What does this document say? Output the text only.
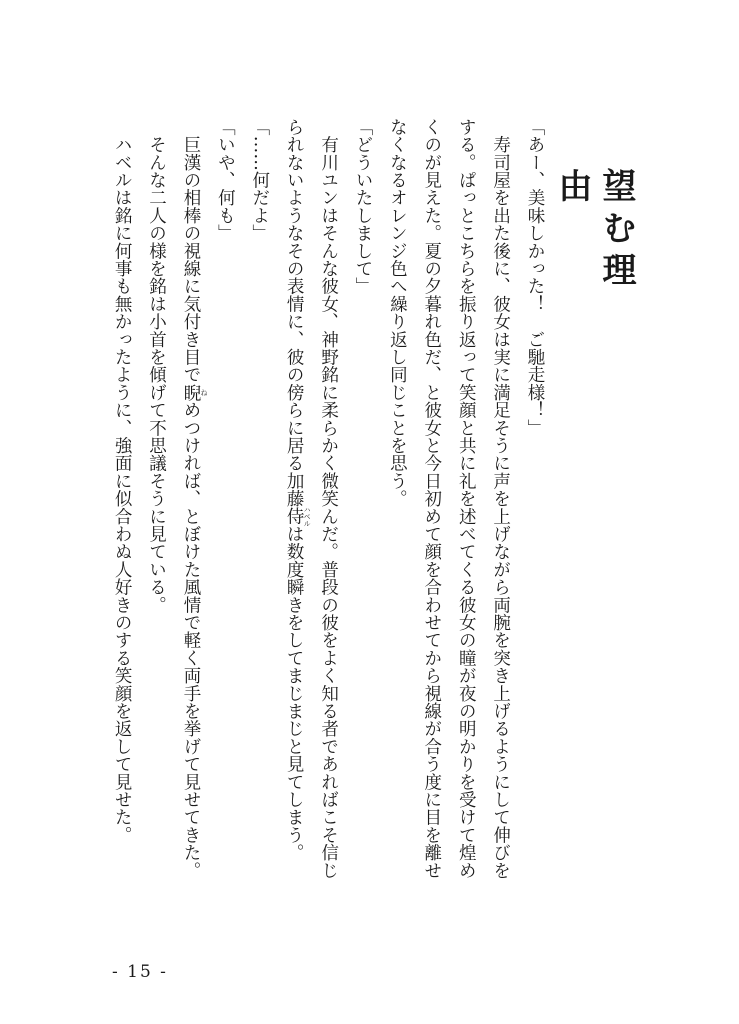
望む理由
「あー、美味しかった！　ご馳走様！」
　寿司屋を出た後に、彼女は実に満足そうに声を上げながら両腕を突き上げるようにして伸びを
する。ぱっとこちらを振り返って笑顔と共に礼を述べてくる彼女の瞳が夜の明かりを受けて煌め
くのが見えた。夏の夕暮れ色だ、と彼女と今日初めて顔を合わせてから視線が合う度に目を離せ
なくなるオレンジ色へ繰り返し同じことを思う。
「どういたしまして」
　有川ユンはそんな彼女、神野銘に柔らかく微笑んだ。普段の彼をよく知る者であればこそ信じ
られないようなその表情に、彼の傍らに居る加藤侍 ハベルは数度瞬きをしてまじまじと見てしまう。
「……何だよ」
「いや、何も」
　巨漢の相棒の視線に気付き目で睨 ねめつければ、とぼけた風情で軽く両手を挙げて見せてきた。
　そんな二人の様を銘は小首を傾げて不思議そうに見ている。
　ハベルは銘に何事も無かったように、強面に似合わぬ人好きのする笑顔を返して見せた。
- 15 -
